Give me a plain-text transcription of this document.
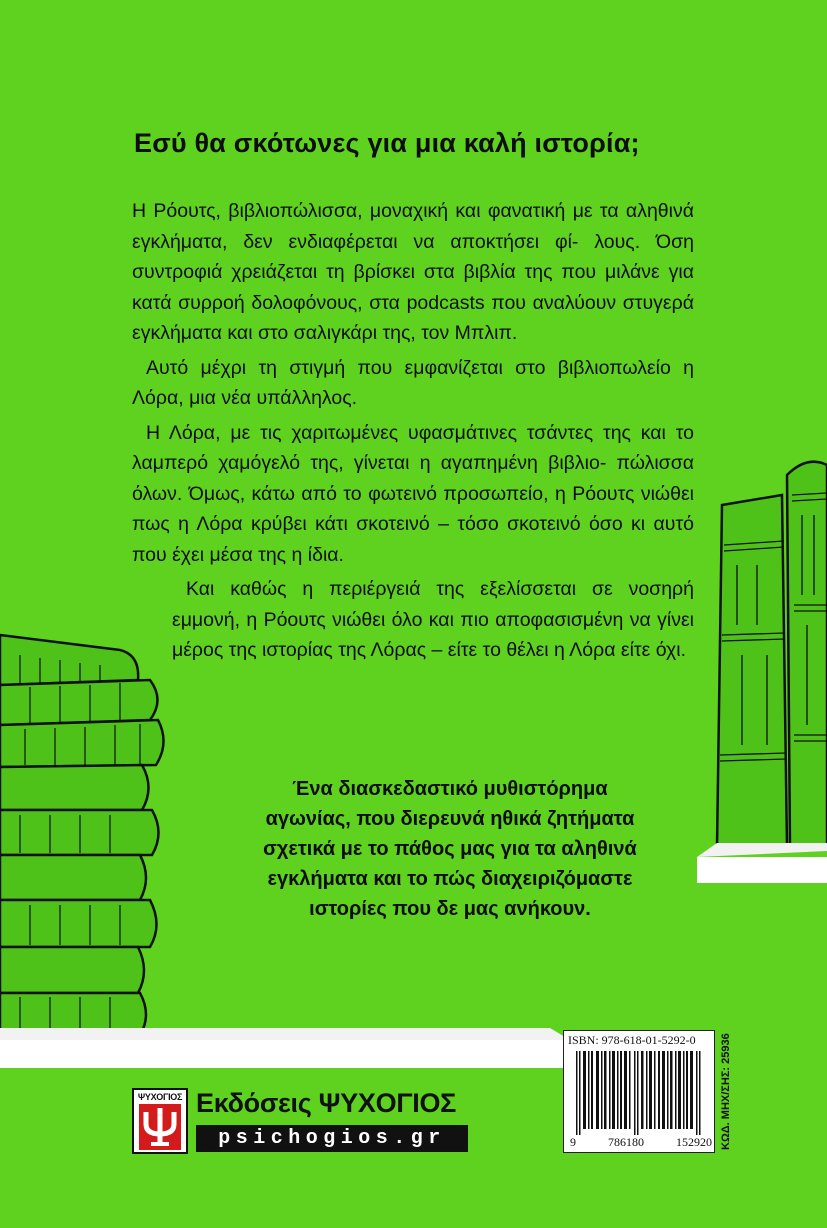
Εσύ θα σκότωνες για μια καλή ιστορία;

Η Ρόουτς, βιβλιοπώλισσα, μοναχική και φανατική με τα αληθινά εγκλήματα, δεν ενδιαφέρεται να αποκτήσει φί- λους. Όση συντροφιά χρειάζεται τη βρίσκει στα βιβλία της που μιλάνε για κατά συρροή δολοφόνους, στα podcasts που αναλύουν στυγερά εγκλήματα και στο σαλιγκάρι της, τον Μπλιπ.

Αυτό μέχρι τη στιγμή που εμφανίζεται στο βιβλιοπωλείο η Λόρα, μια νέα υπάλληλος.

Η Λόρα, με τις χαριτωμένες υφασμάτινες τσάντες της και το λαμπερό χαμόγελό της, γίνεται η αγαπημένη βιβλιο- πώλισσα όλων. Όμως, κάτω από το φωτεινό προσωπείο, η Ρόουτς νιώθει πως η Λόρα κρύβει κάτι σκοτεινό – τόσο σκοτεινό όσο κι αυτό που έχει μέσα της η ίδια.

Και καθώς η περιέργειά της εξελίσσεται σε νοσηρή εμμονή, η Ρόουτς νιώθει όλο και πιο αποφασισμένη να γίνει μέρος της ιστορίας της Λόρας – είτε το θέλει η Λόρα είτε όχι.

Ένα διασκεδαστικό μυθιστόρημα
αγωνίας, που διερευνά ηθικά ζητήματα
σχετικά με το πάθος μας για τα αληθινά
εγκλήματα και το πώς διαχειριζόμαστε
ιστορίες που δε μας ανήκουν.
ISBN: 978-618-01-5292-0
9	786180	152920 ΚΩΔ. ΜΗΧ/ΣΗΣ: 25936
ΨΥΧΟΓΙΟΣ Εκδόσεις ΨΥΧΟΓΙΟΣ
psichogios.gr
